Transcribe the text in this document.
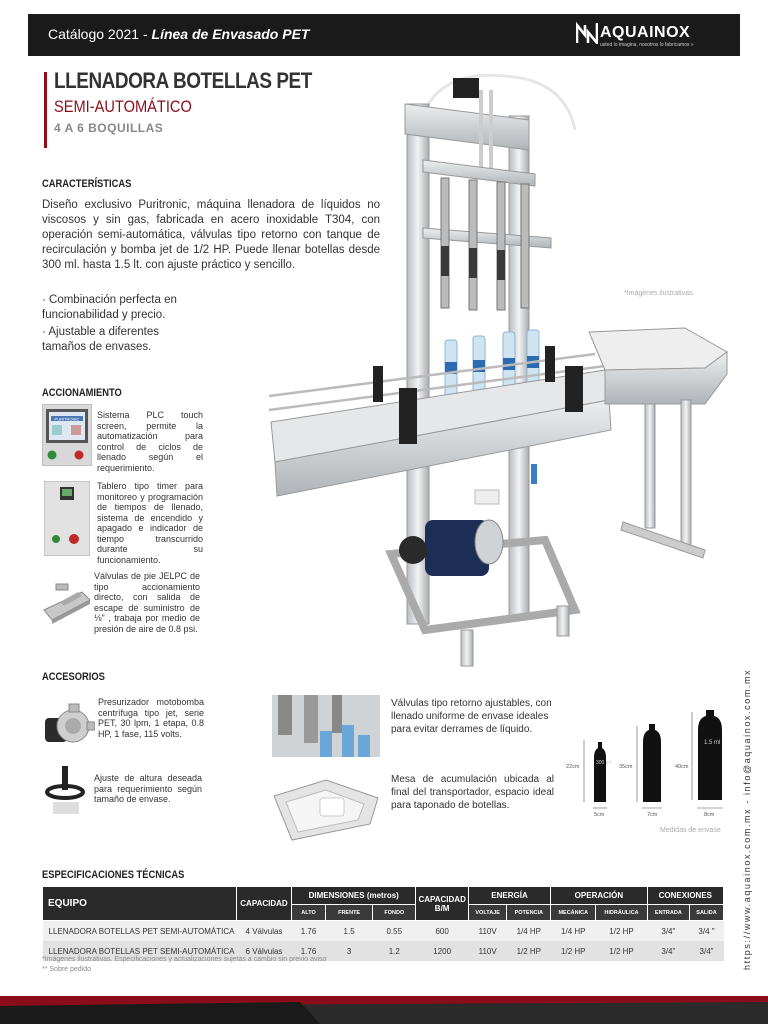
Catálogo 2021 - Línea de Envasado PET	AQUAINOX
usted lo imagina, nosotros lo fabricamos »
LLENADORA BOTELLAS PET
SEMI-AUTOMÁTICO
4 A 6 BOQUILLAS
CARACTERÍSTICAS
Diseño exclusivo Puritronic, máquina llenadora de líquidos no viscosos y sin gas, fabricada en acero inoxidable T304, con operación semi-automática, válvulas tipo retorno con tanque de recirculación y bomba jet de 1/2 HP. Puede llenar botellas desde 300 ml. hasta 1.5 lt. con ajuste práctico y sencillo.
· Combinación perfecta en funcionabilidad y precio.
· Ajustable a diferentes tamaños de envases.
ACCIONAMIENTO
PURITRONIC Sistema PLC touch screen, permite la automatización para control de ciclos de llenado según el requerimiento.
Tablero tipo timer para monitoreo y programación de tiempos de llenado, sistema de encendido y apagado e indicador de tiempo transcurrido durante su funcionamiento.
Válvulas de pie JELPC de tipo accionamiento directo, con salida de escape de suministro de ⅛" , trabaja por medio de presión de aire de 0.8 psi.
ACCESORIOS
Presurizador motobomba centrífuga tipo jet, serie PET, 30 lpm, 1 etapa, 0.8 HP, 1 fase, 115 volts.
Ajuste de altura deseada para requerimiento según tamaño de envase.
Válvulas tipo retorno ajustables, con llenado uniforme de envase ideales para evitar derrames de líquido.
Mesa de acumulación ubicada al final del transportador, espacio ideal para taponado de botellas.
300 ml
1.5 ml
22cm	35cm	40cm
5cm	7cm	8cm
Medidas de envase
*Imágenes ilustrativas.
ESPECIFICACIONES TÉCNICAS
EQUIPO	CAPACIDAD	DIMENSIONES (metros)			CAPACIDAD B/M	ENERGÍA		OPERACIÓN		CONEXIONES	
		ALTO	FRENTE	FONDO		VOLTAJE	POTENCIA	MECÁNICA	HIDRÁULICA	ENTRADA	SALIDA
LLENADORA BOTELLAS PET SEMI-AUTOMÁTICA	4 Válvulas	1.76	1.5	0.55	600	110V	1/4 HP	1/4 HP	1/2 HP	3/4"	3/4 "
LLENADORA BOTELLAS PET SEMI-AUTOMÁTICA	6 Válvulas	1.76	3	1.2	1200	110V	1/2 HP	1/2 HP	1/2 HP	3/4"	3/4"
*Imágenes ilustrativas. Especificaciones y actualizaciones sujetas a cambio sin previo aviso
** Sobre pedido	https://www.aquainox.com.mx - info@aquainox.com.mx
